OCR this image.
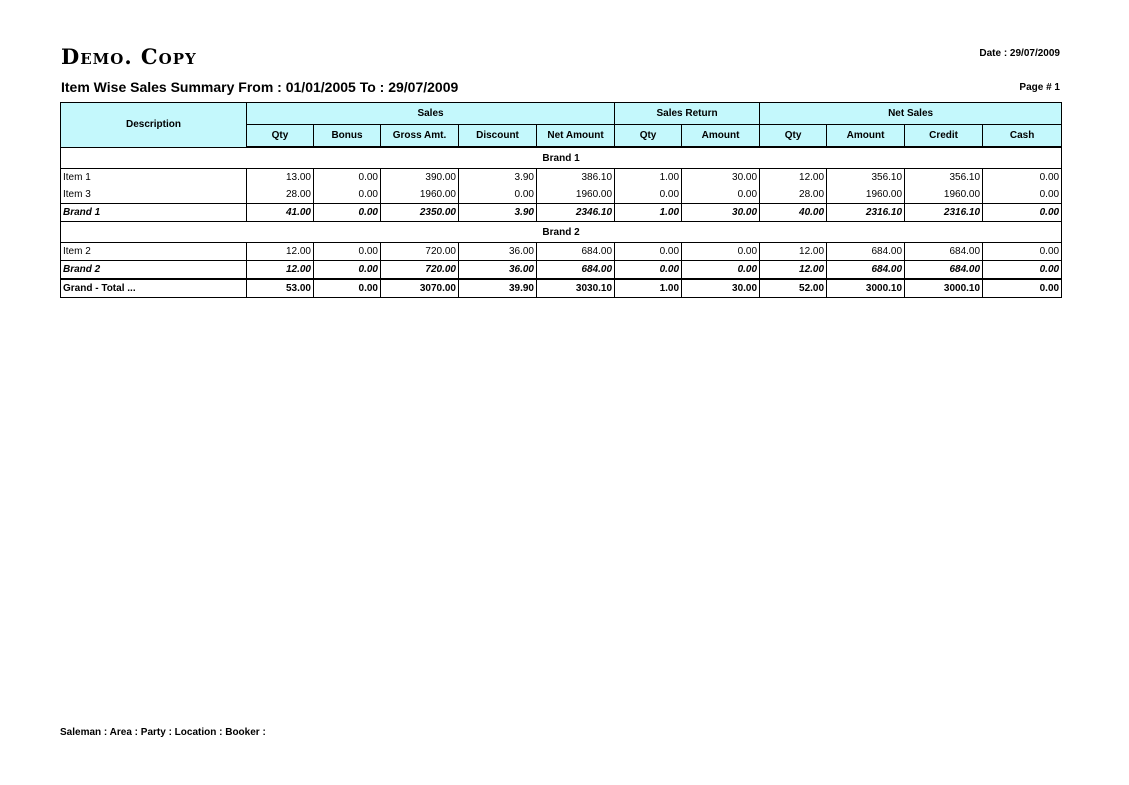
Demo. Copy	Date : 29/07/2009
Item Wise Sales Summary From : 01/01/2005 To : 29/07/2009	Page # 1
Description	Sales					Sales Return		Net Sales			
	Qty	Bonus	Gross Amt.	Discount	Net Amount	Qty	Amount	Qty	Amount	Credit	Cash
Brand 1											
Item 1	13.00	0.00	390.00	3.90	386.10	1.00	30.00	12.00	356.10	356.10	0.00
Item 3	28.00	0.00	1960.00	0.00	1960.00	0.00	0.00	28.00	1960.00	1960.00	0.00
Brand 1	41.00	0.00	2350.00	3.90	2346.10	1.00	30.00	40.00	2316.10	2316.10	0.00
Brand 2											
Item 2	12.00	0.00	720.00	36.00	684.00	0.00	0.00	12.00	684.00	684.00	0.00
Brand 2	12.00	0.00	720.00	36.00	684.00	0.00	0.00	12.00	684.00	684.00	0.00
Grand - Total ...	53.00	0.00	3070.00	39.90	3030.10	1.00	30.00	52.00	3000.10	3000.10	0.00
Saleman : Area : Party : Location : Booker :
